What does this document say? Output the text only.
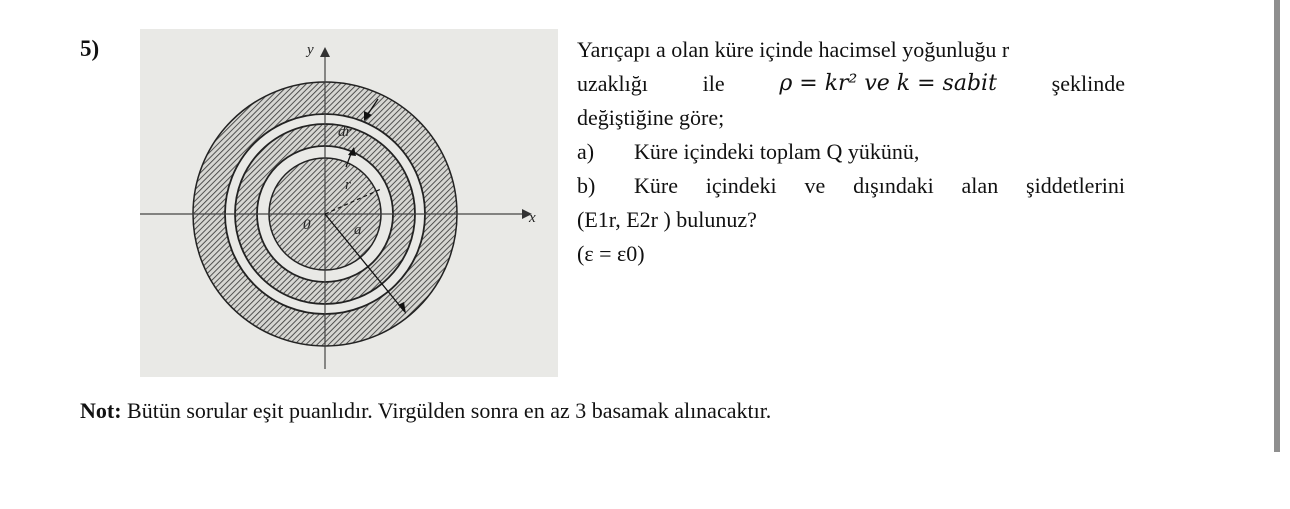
5)
x
y
0
r
dr
a
Yarıçapı a olan küre içinde hacimsel yoğunluğu r
uzaklığı ile ρ = kr² ve k = sabit şeklinde
değiştiğine göre;
a)	Küre içindeki toplam Q yükünü,
b)	Küre içindeki ve dışındaki alan şiddetlerini
(E1r, E2r ) bulunuz?
(ε = ε0)
Not: Bütün sorular eşit puanlıdır. Virgülden sonra en az 3 basamak alınacaktır.
